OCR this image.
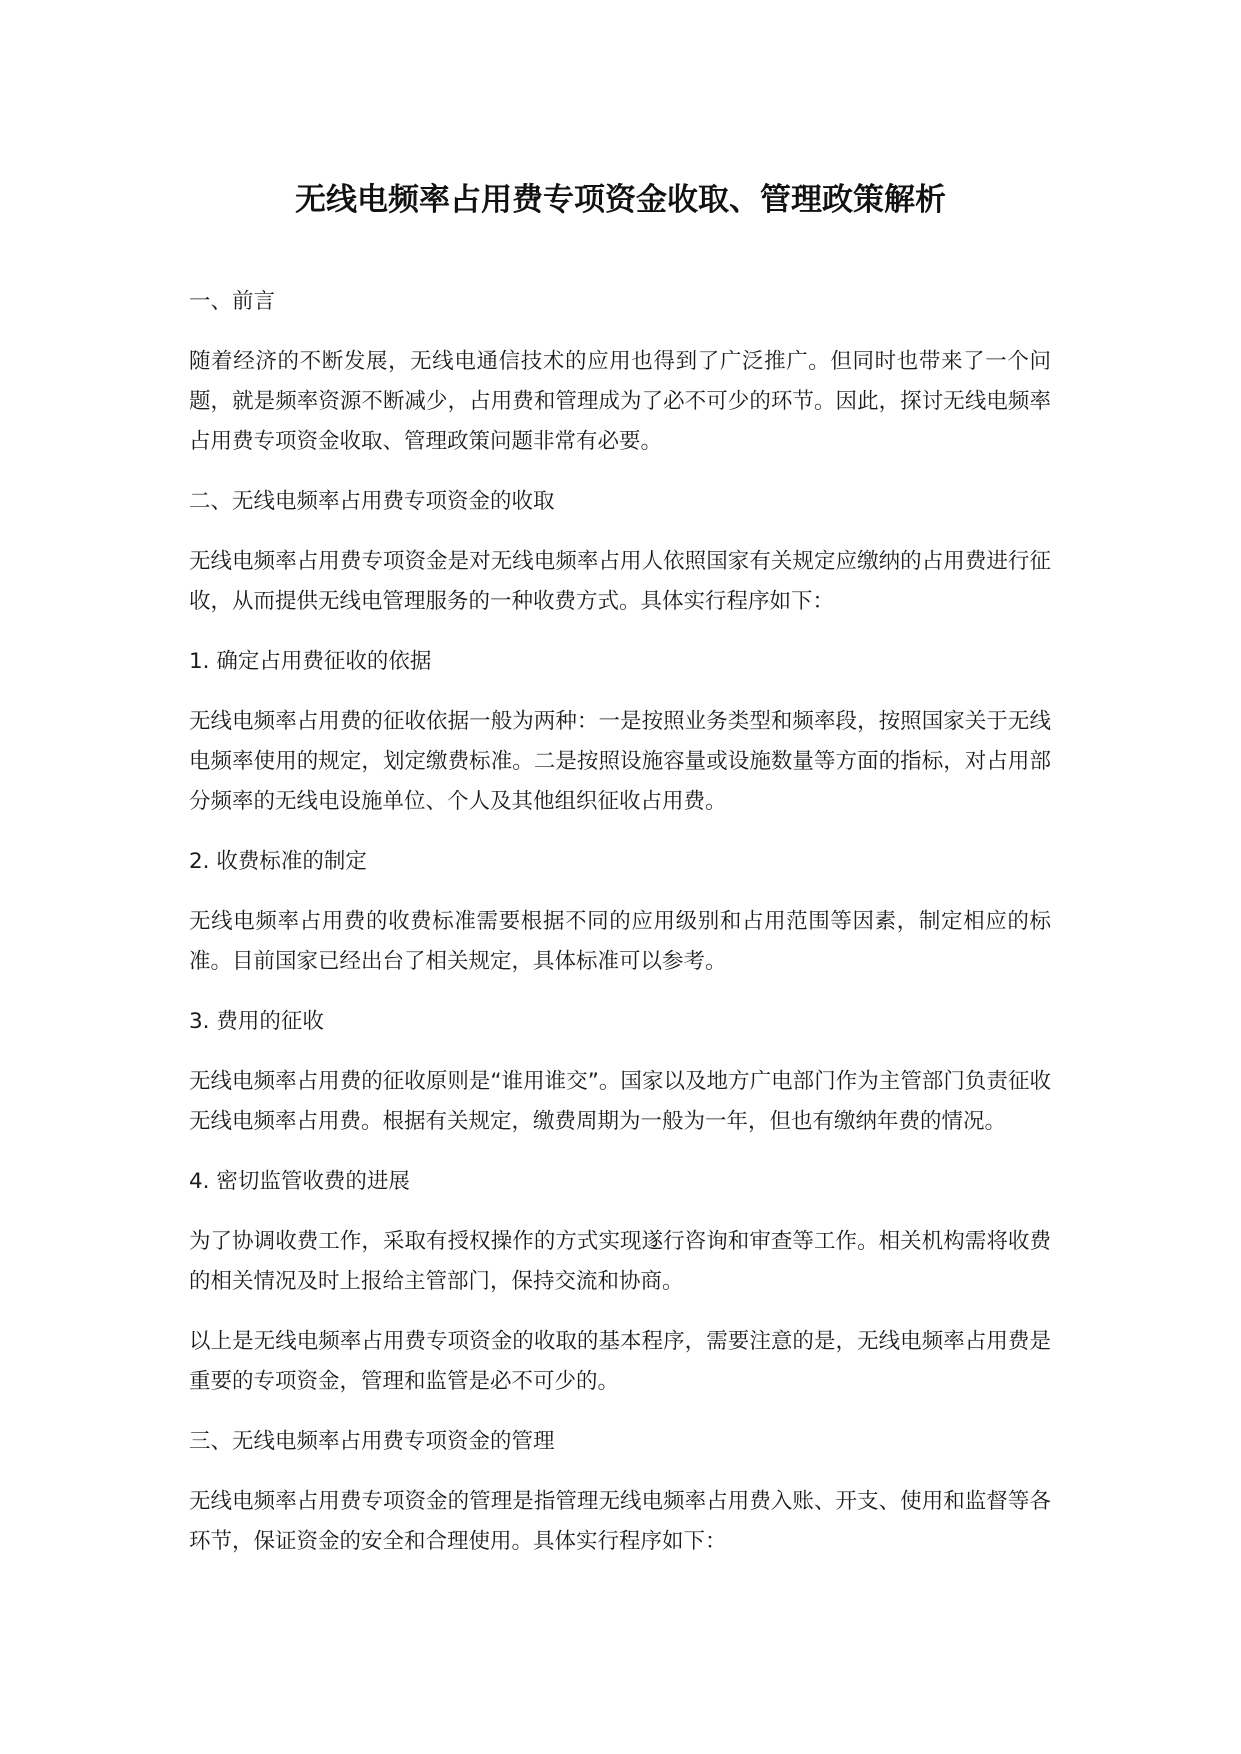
无线电频率占用费专项资金收取、管理政策解析

一、前言

随着经济的不断发展，无线电通信技术的应用也得到了广泛推广。但同时也带来了一个问题，就是频率资源不断减少，占用费和管理成为了必不可少的环节。因此，探讨无线电频率占用费专项资金收取、管理政策问题非常有必要。

二、无线电频率占用费专项资金的收取

无线电频率占用费专项资金是对无线电频率占用人依照国家有关规定应缴纳的占用费进行征收，从而提供无线电管理服务的一种收费方式。具体实行程序如下：

1. 确定占用费征收的依据

无线电频率占用费的征收依据一般为两种：一是按照业务类型和频率段，按照国家关于无线电频率使用的规定，划定缴费标准。二是按照设施容量或设施数量等方面的指标，对占用部分频率的无线电设施单位、个人及其他组织征收占用费。

2. 收费标准的制定

无线电频率占用费的收费标准需要根据不同的应用级别和占用范围等因素，制定相应的标准。目前国家已经出台了相关规定，具体标准可以参考。

3. 费用的征收

无线电频率占用费的征收原则是“谁用谁交”。国家以及地方广电部门作为主管部门负责征收无线电频率占用费。根据有关规定，缴费周期为一般为一年，但也有缴纳年费的情况。

4. 密切监管收费的进展

为了协调收费工作，采取有授权操作的方式实现遂行咨询和审查等工作。相关机构需将收费的相关情况及时上报给主管部门，保持交流和协商。

以上是无线电频率占用费专项资金的收取的基本程序，需要注意的是，无线电频率占用费是重要的专项资金，管理和监管是必不可少的。

三、无线电频率占用费专项资金的管理

无线电频率占用费专项资金的管理是指管理无线电频率占用费入账、开支、使用和监督等各环节，保证资金的安全和合理使用。具体实行程序如下：
